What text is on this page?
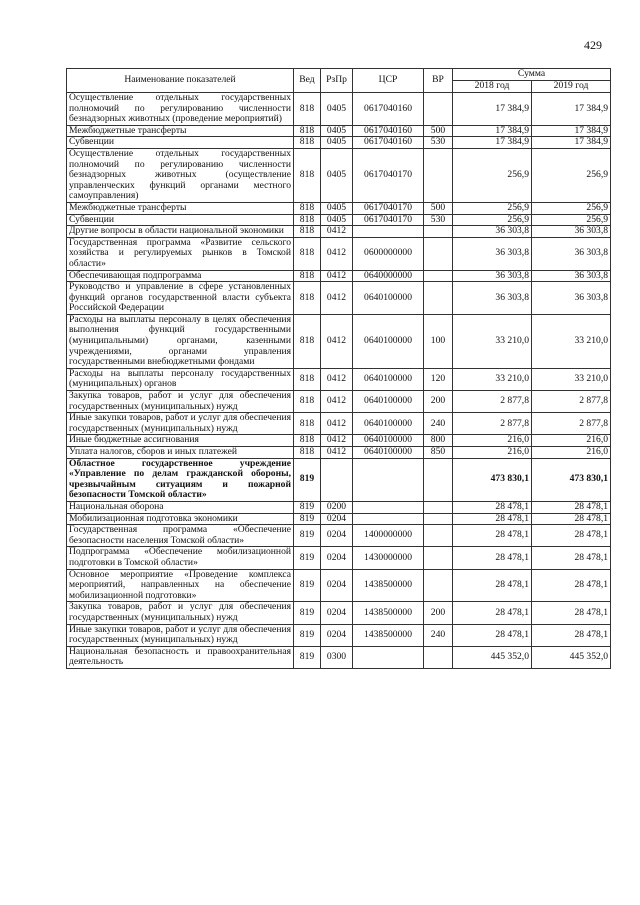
429
Наименование показателей	Вед	РзПр	ЦСР	ВР	Сумма	
					2018 год	2019 год
Осуществление отдельных государственных полномочий по регулированию численности безнадзорных животных (проведение мероприятий)	818	0405	0617040160		17 384,9	17 384,9
Межбюджетные трансферты	818	0405	0617040160	500	17 384,9	17 384,9
Субвенции	818	0405	0617040160	530	17 384,9	17 384,9
Осуществление отдельных государственных полномочий по регулированию численности безнадзорных животных (осуществление управленческих функций органами местного самоуправления)	818	0405	0617040170		256,9	256,9
Межбюджетные трансферты	818	0405	0617040170	500	256,9	256,9
Субвенции	818	0405	0617040170	530	256,9	256,9
Другие вопросы в области национальной экономики	818	0412			36 303,8	36 303,8
Государственная программа «Развитие сельского хозяйства и регулируемых рынков в Томской области»	818	0412	0600000000		36 303,8	36 303,8
Обеспечивающая подпрограмма	818	0412	0640000000		36 303,8	36 303,8
Руководство и управление в сфере установленных функций органов государственной власти субъекта Российской Федерации	818	0412	0640100000		36 303,8	36 303,8
Расходы на выплаты персоналу в целях обеспечения выполнения функций государственными (муниципальными) органами, казенными учреждениями, органами управления государственными внебюджетными фондами	818	0412	0640100000	100	33 210,0	33 210,0
Расходы на выплаты персоналу государственных (муниципальных) органов	818	0412	0640100000	120	33 210,0	33 210,0
Закупка товаров, работ и услуг для обеспечения государственных (муниципальных) нужд	818	0412	0640100000	200	2 877,8	2 877,8
Иные закупки товаров, работ и услуг для обеспечения государственных (муниципальных) нужд	818	0412	0640100000	240	2 877,8	2 877,8
Иные бюджетные ассигнования	818	0412	0640100000	800	216,0	216,0
Уплата налогов, сборов и иных платежей	818	0412	0640100000	850	216,0	216,0
Областное государственное учреждение «Управление по делам гражданской обороны, чрезвычайным ситуациям и пожарной безопасности Томской области»	819				473 830,1	473 830,1
Национальная оборона	819	0200			28 478,1	28 478,1
Мобилизационная подготовка экономики	819	0204			28 478,1	28 478,1
Государственная программа «Обеспечение безопасности населения Томской области»	819	0204	1400000000		28 478,1	28 478,1
Подпрограмма «Обеспечение мобилизационной подготовки в Томской области»	819	0204	1430000000		28 478,1	28 478,1
Основное мероприятие «Проведение комплекса мероприятий, направленных на обеспечение мобилизационной подготовки»	819	0204	1438500000		28 478,1	28 478,1
Закупка товаров, работ и услуг для обеспечения государственных (муниципальных) нужд	819	0204	1438500000	200	28 478,1	28 478,1
Иные закупки товаров, работ и услуг для обеспечения государственных (муниципальных) нужд	819	0204	1438500000	240	28 478,1	28 478,1
Национальная безопасность и правоохранительная деятельность	819	0300			445 352,0	445 352,0
